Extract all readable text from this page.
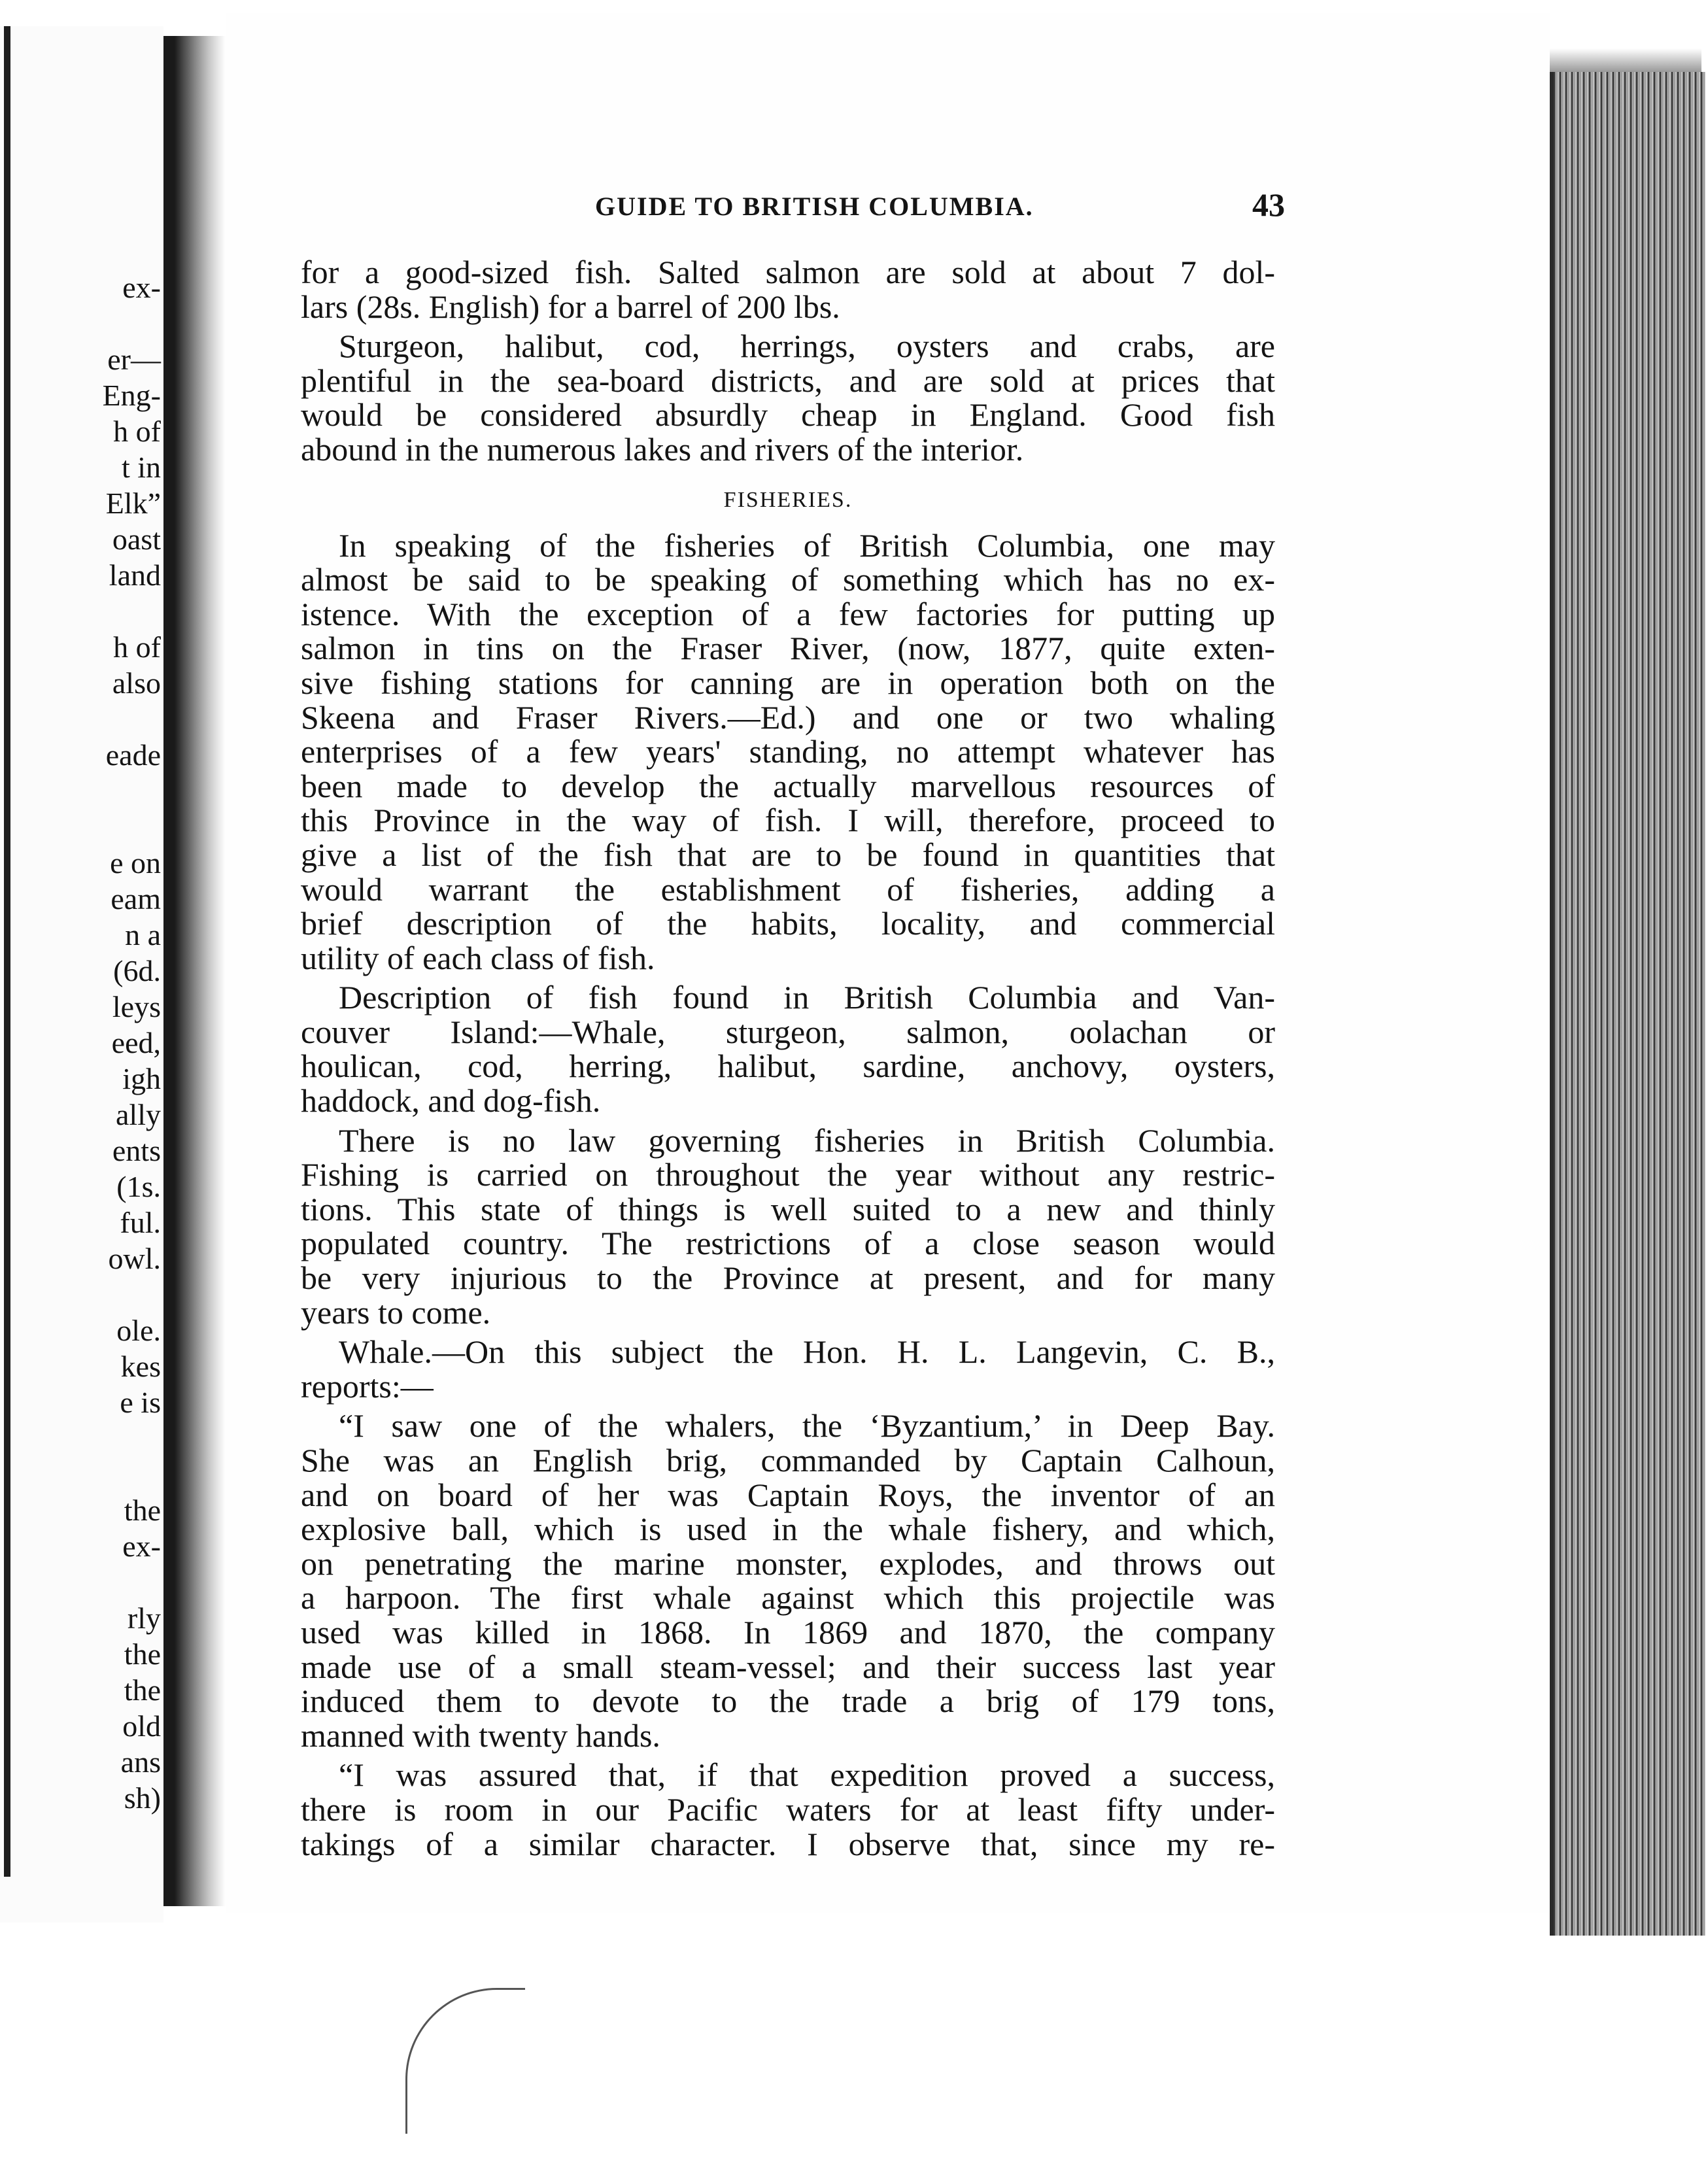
ex-
er—
Eng-
h of
t in
Elk”
oast
land
h of
also
eade
e on
eam
n a
(6d.
leys
eed,
igh
ally
ents
(1s.
ful.
owl.
ole.
kes
e is
the
ex-
rly
the
the
old
ans
sh)
GUIDE TO BRITISH COLUMBIA.	43
for a good-sized fish. Salted salmon are sold at about 7 dol-
lars (28s. English) for a barrel of 200 lbs.
Sturgeon, halibut, cod, herrings, oysters and crabs, are
plentiful in the sea-board districts, and are sold at prices that
would be considered absurdly cheap in England. Good fish
abound in the numerous lakes and rivers of the interior.
FISHERIES.
In speaking of the fisheries of British Columbia, one may
almost be said to be speaking of something which has no ex-
istence. With the exception of a few factories for putting up
salmon in tins on the Fraser River, (now, 1877, quite exten-
sive fishing stations for canning are in operation both on the
Skeena and Fraser Rivers.—Ed.) and one or two whaling
enterprises of a few years' standing, no attempt whatever has
been made to develop the actually marvellous resources of
this Province in the way of fish. I will, therefore, proceed to
give a list of the fish that are to be found in quantities that
would warrant the establishment of fisheries, adding a
brief description of the habits, locality, and commercial
utility of each class of fish.
Description of fish found in British Columbia and Van-
couver Island:—Whale, sturgeon, salmon, oolachan or
houlican, cod, herring, halibut, sardine, anchovy, oysters,
haddock, and dog-fish.
There is no law governing fisheries in British Columbia.
Fishing is carried on throughout the year without any restric-
tions. This state of things is well suited to a new and thinly
populated country. The restrictions of a close season would
be very injurious to the Province at present, and for many
years to come.
Whale.—On this subject the Hon. H. L. Langevin, C. B.,
reports:—
“I saw one of the whalers, the ‘Byzantium,’ in Deep Bay.
She was an English brig, commanded by Captain Calhoun,
and on board of her was Captain Roys, the inventor of an
explosive ball, which is used in the whale fishery, and which,
on penetrating the marine monster, explodes, and throws out
a harpoon. The first whale against which this projectile was
used was killed in 1868. In 1869 and 1870, the company
made use of a small steam-vessel; and their success last year
induced them to devote to the trade a brig of 179 tons,
manned with twenty hands.
“I was assured that, if that expedition proved a success,
there is room in our Pacific waters for at least fifty under-
takings of a similar character. I observe that, since my re-
